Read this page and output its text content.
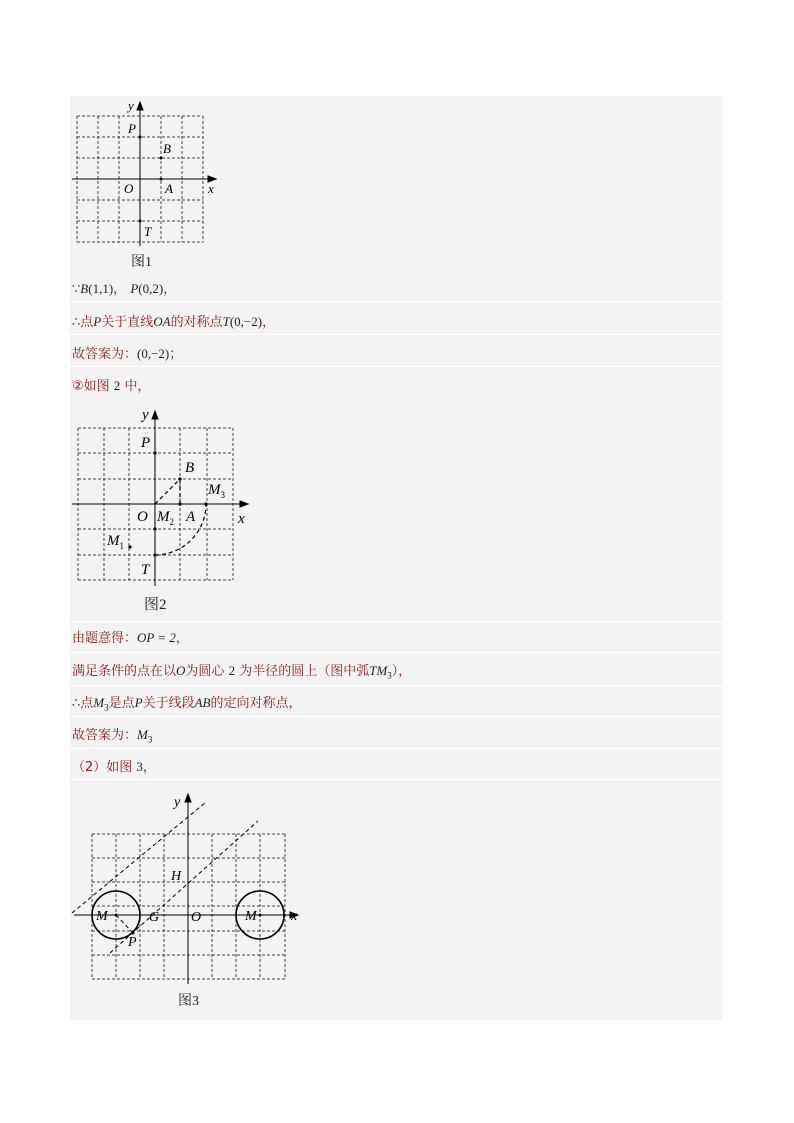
y
x
O
P
B
A
T
图1
∵B(1,1)， P(0,2)，
∴点P关于直线OA的对称点T(0,−2)，
故答案为：(0,−2)；
②如图 2 中，
y
x
O
P
B
A
T
$M_1$
$M_2$
$M_3$
图2
由题意得：OP = 2，
满足条件的点在以O为圆心 2 为半径的圆上（图中弧$TM_3$），
∴点$M_3$是点P关于线段AB的定向对称点，
故答案为：$M_3$
（2）如图 3，
y
x
O
H
G
P
M	M
图3
